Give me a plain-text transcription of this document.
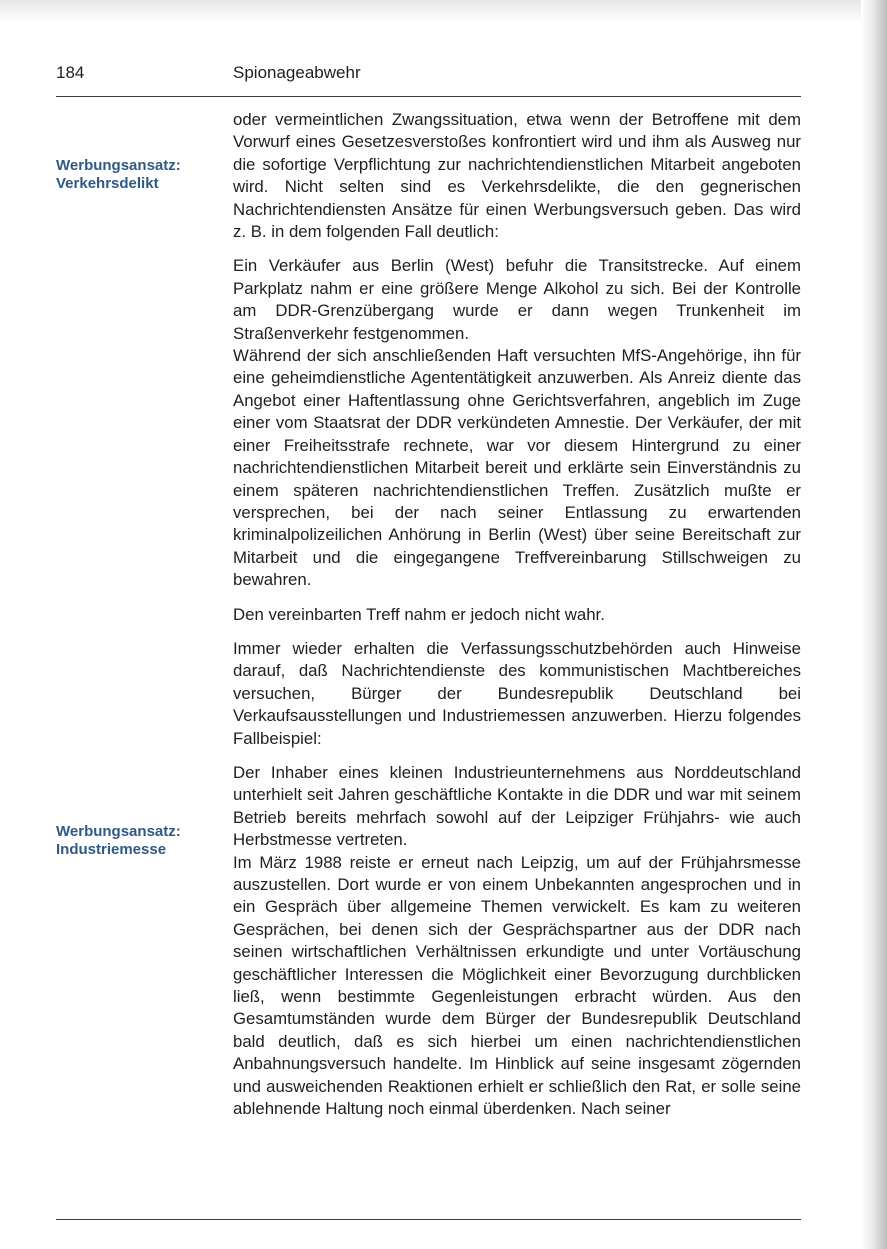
184	Spionageabwehr
Werbungsansatz:
Verkehrsdelikt
Werbungsansatz:
Industriemesse

oder vermeintlichen Zwangssituation, etwa wenn der Betroffene mit dem Vorwurf eines Gesetzesverstoßes konfrontiert wird und ihm als Ausweg nur die sofortige Verpflichtung zur nachrichtendienstlichen Mitarbeit angeboten wird. Nicht selten sind es Verkehrsdelikte, die den gegnerischen Nachrichtendiensten Ansätze für einen Werbungsversuch geben. Das wird z. B. in dem folgenden Fall deutlich:

Ein Verkäufer aus Berlin (West) befuhr die Transitstrecke. Auf einem Parkplatz nahm er eine größere Menge Alkohol zu sich. Bei der Kontrolle am DDR-Grenzübergang wurde er dann wegen Trunkenheit im Straßenverkehr festgenommen.

Während der sich anschließenden Haft versuchten MfS-Angehörige, ihn für eine geheimdienstliche Agententätigkeit anzuwerben. Als Anreiz diente das Angebot einer Haftentlassung ohne Gerichtsverfahren, angeblich im Zuge einer vom Staatsrat der DDR verkündeten Amnestie. Der Verkäufer, der mit einer Freiheitsstrafe rechnete, war vor diesem Hintergrund zu einer nachrichtendienstlichen Mitarbeit bereit und erklärte sein Einverständnis zu einem späteren nachrichtendienstlichen Treffen. Zusätzlich mußte er versprechen, bei der nach seiner Entlassung zu erwartenden kriminalpolizeilichen Anhörung in Berlin (West) über seine Bereitschaft zur Mitarbeit und die eingegangene Treffvereinbarung Stillschweigen zu bewahren.

Den vereinbarten Treff nahm er jedoch nicht wahr.

Immer wieder erhalten die Verfassungsschutzbehörden auch Hinweise darauf, daß Nachrichtendienste des kommunistischen Machtbereiches versuchen, Bürger der Bundesrepublik Deutschland bei Verkaufsausstellungen und Industriemessen anzuwerben. Hierzu folgendes Fallbeispiel:

Der Inhaber eines kleinen Industrieunternehmens aus Norddeutschland unterhielt seit Jahren geschäftliche Kontakte in die DDR und war mit seinem Betrieb bereits mehrfach sowohl auf der Leipziger Frühjahrs- wie auch Herbstmesse vertreten.

Im März 1988 reiste er erneut nach Leipzig, um auf der Frühjahrsmesse auszustellen. Dort wurde er von einem Unbekannten angesprochen und in ein Gespräch über allgemeine Themen verwickelt. Es kam zu weiteren Gesprächen, bei denen sich der Gesprächspartner aus der DDR nach seinen wirtschaftlichen Verhältnissen erkundigte und unter Vortäuschung geschäftlicher Interessen die Möglichkeit einer Bevorzugung durchblicken ließ, wenn bestimmte Gegenleistungen erbracht würden. Aus den Gesamtumständen wurde dem Bürger der Bundesrepublik Deutschland bald deutlich, daß es sich hierbei um einen nachrichtendienstlichen Anbahnungsversuch handelte. Im Hinblick auf seine insgesamt zögernden und ausweichenden Reaktionen erhielt er schließlich den Rat, er solle seine ablehnende Haltung noch einmal überdenken. Nach seiner
